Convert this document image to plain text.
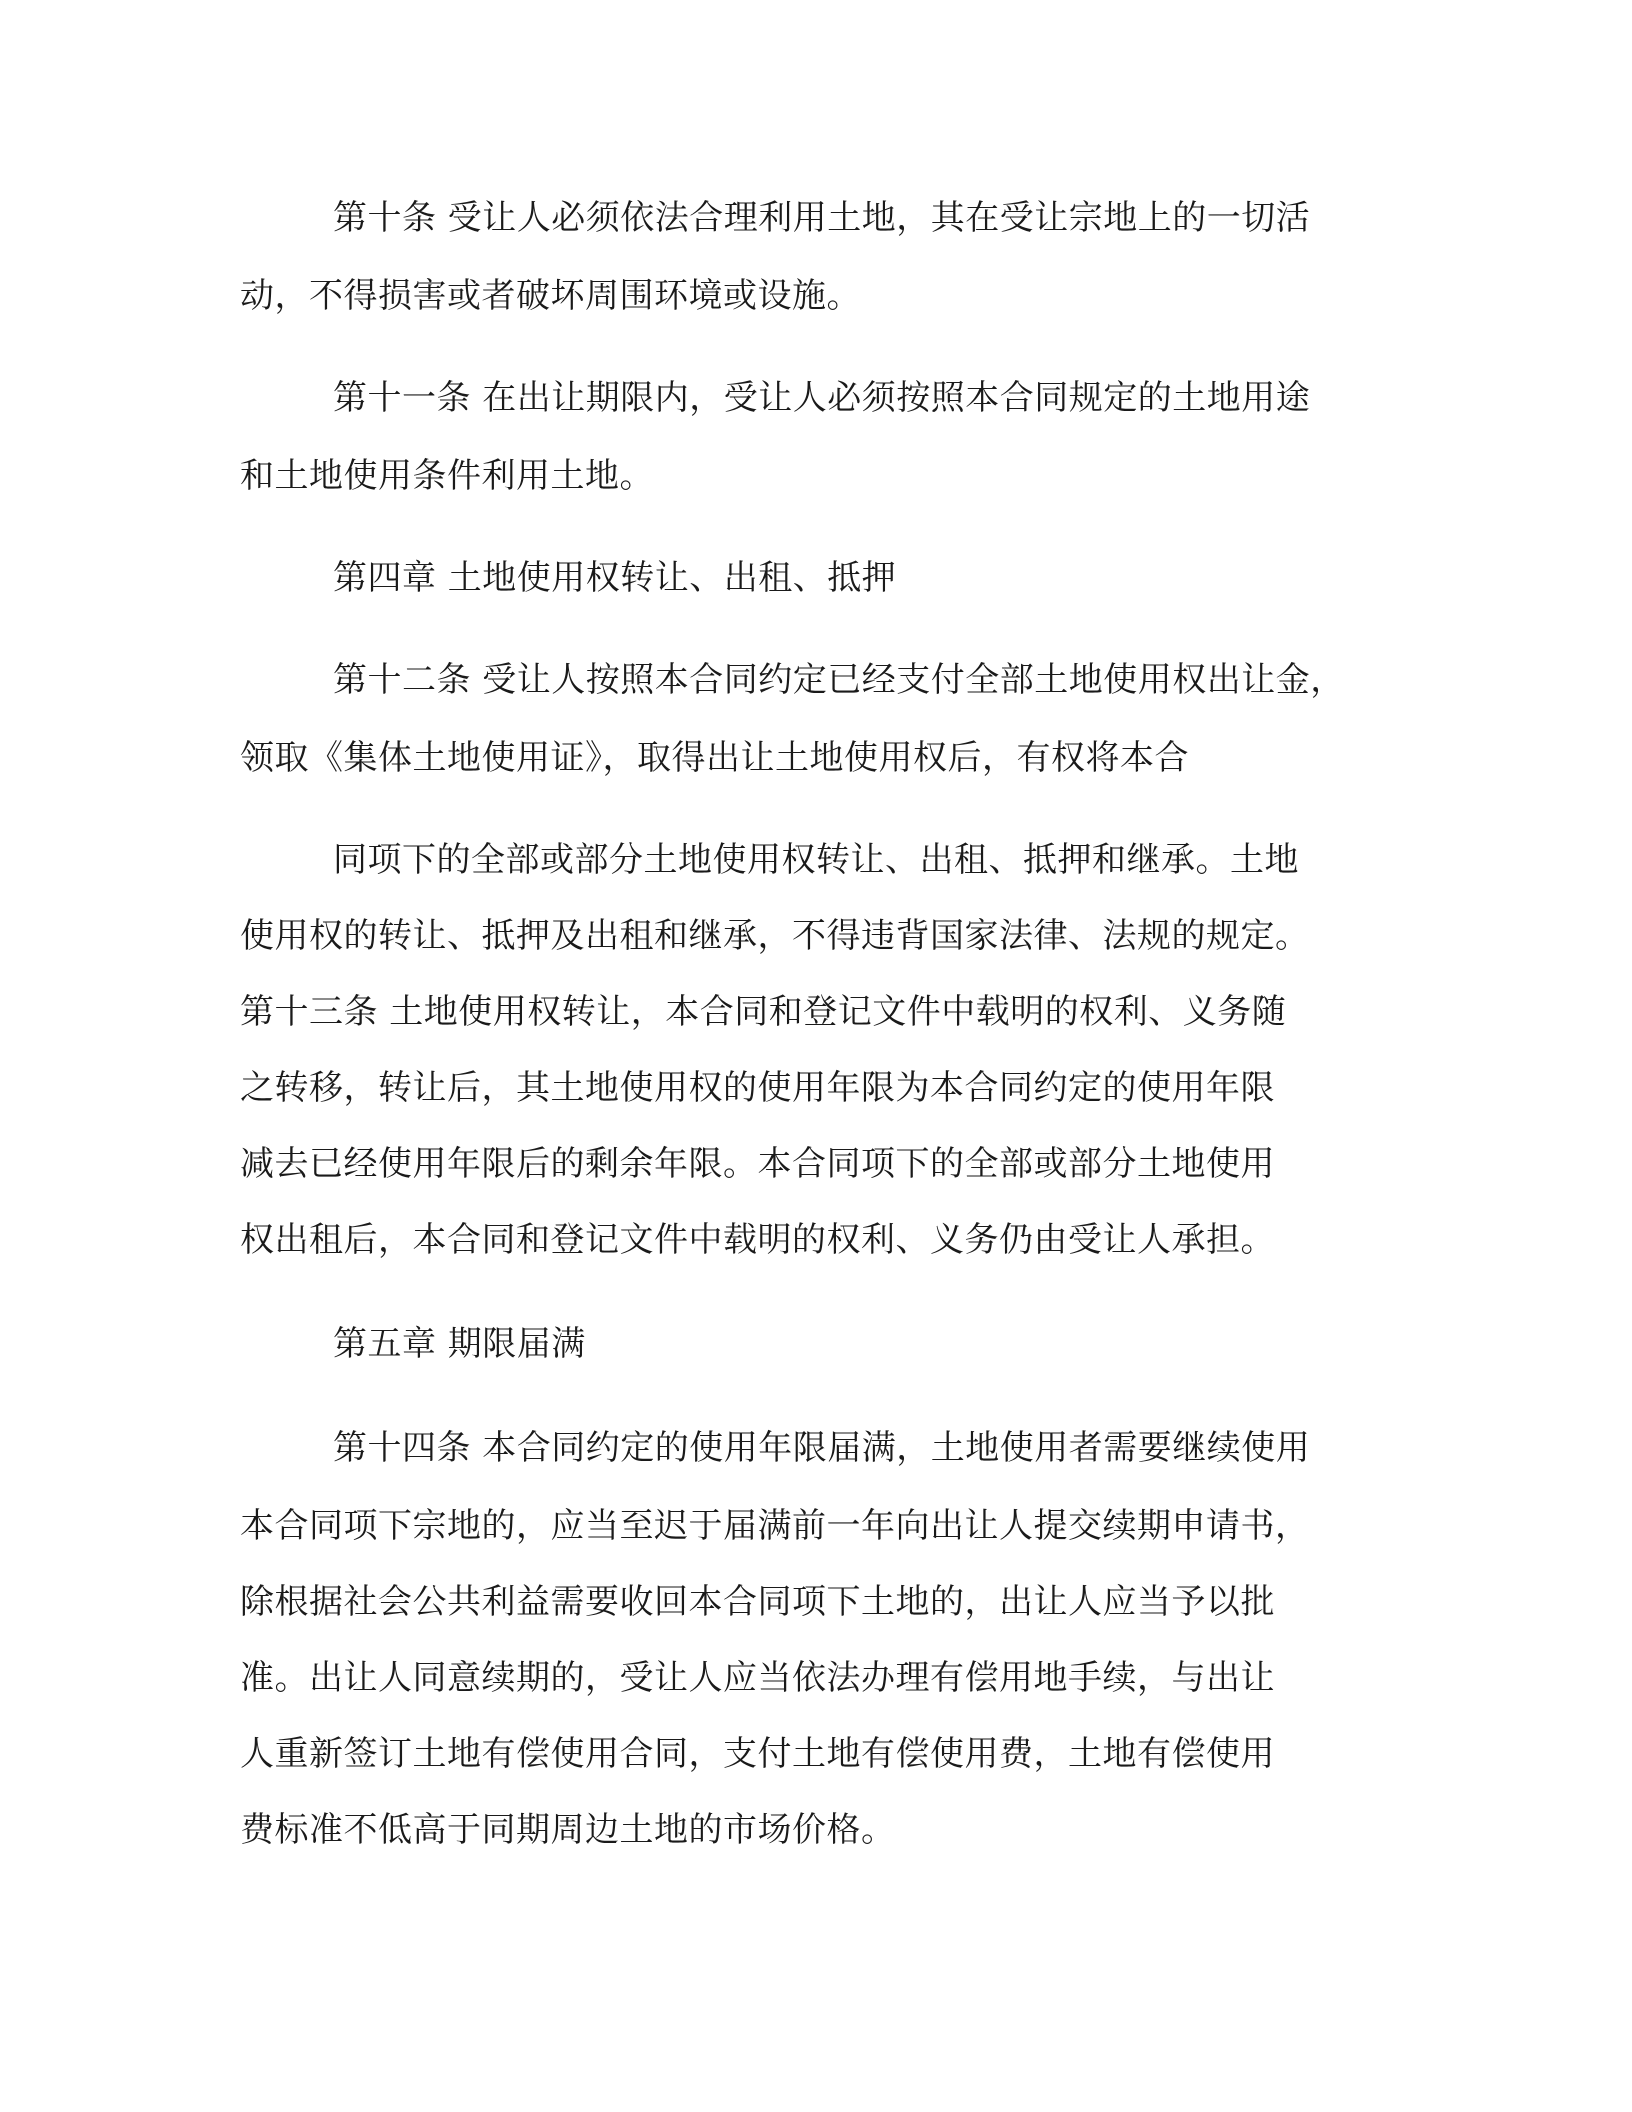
第十条 受让人必须依法合理利用土地，其在受让宗地上的一切活
动，不得损害或者破坏周围环境或设施。
第十一条 在出让期限内，受让人必须按照本合同规定的土地用途
和土地使用条件利用土地。
第四章 土地使用权转让、出租、抵押
第十二条 受让人按照本合同约定已经支付全部土地使用权出让金，
领取《集体土地使用证》，取得出让土地使用权后，有权将本合
同项下的全部或部分土地使用权转让、出租、抵押和继承。土地
使用权的转让、抵押及出租和继承，不得违背国家法律、法规的规定。
第十三条 土地使用权转让，本合同和登记文件中载明的权利、义务随
之转移，转让后，其土地使用权的使用年限为本合同约定的使用年限
减去已经使用年限后的剩余年限。本合同项下的全部或部分土地使用
权出租后，本合同和登记文件中载明的权利、义务仍由受让人承担。
第五章 期限届满
第十四条 本合同约定的使用年限届满，土地使用者需要继续使用
本合同项下宗地的，应当至迟于届满前一年向出让人提交续期申请书，
除根据社会公共利益需要收回本合同项下土地的，出让人应当予以批
准。出让人同意续期的，受让人应当依法办理有偿用地手续，与出让
人重新签订土地有偿使用合同，支付土地有偿使用费，土地有偿使用
费标准不低高于同期周边土地的市场价格。
